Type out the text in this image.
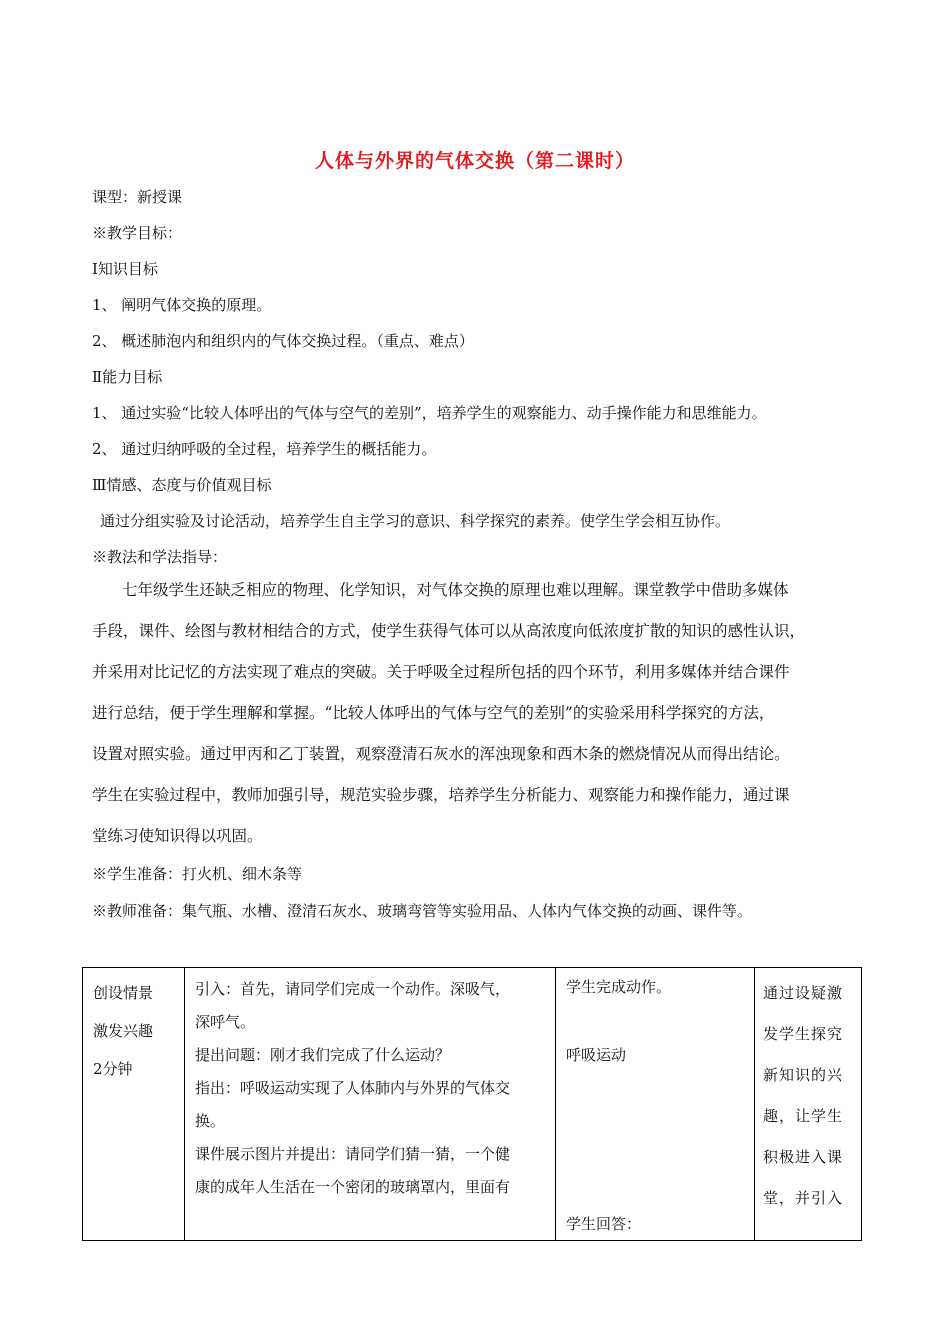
人体与外界的气体交换（第二课时）
课型：新授课
※教学目标：
Ⅰ知识目标
1、 阐明气体交换的原理。
2、 概述肺泡内和组织内的气体交换过程。（重点、难点）
Ⅱ能力目标
1、 通过实验“比较人体呼出的气体与空气的差别”，培养学生的观察能力、动手操作能力和思维能力。
2、 通过归纳呼吸的全过程，培养学生的概括能力。
Ⅲ情感、态度与价值观目标
通过分组实验及讨论活动，培养学生自主学习的意识、科学探究的素养。使学生学会相互协作。
※教法和学法指导：

七年级学生还缺乏相应的物理、化学知识，对气体交换的原理也难以理解。课堂教学中借助多媒体

手段，课件、绘图与教材相结合的方式，使学生获得气体可以从高浓度向低浓度扩散的知识的感性认识，

并采用对比记忆的方法实现了难点的突破。关于呼吸全过程所包括的四个环节，利用多媒体并结合课件

进行总结，便于学生理解和掌握。“比较人体呼出的气体与空气的差别”的实验采用科学探究的方法，

设置对照实验。通过甲丙和乙丁装置，观察澄清石灰水的浑浊现象和西木条的燃烧情况从而得出结论。

学生在实验过程中，教师加强引导，规范实验步骤，培养学生分析能力、观察能力和操作能力，通过课

堂练习使知识得以巩固。

※学生准备：打火机、细木条等
※教师准备：集气瓶、水槽、澄清石灰水、玻璃弯管等实验用品、人体内气体交换的动画、课件等。
创设情景
激发兴趣
2分钟

引入：首先，请同学们完成一个动作。深吸气，
深呼气。
提出问题：刚才我们完成了什么运动？
指出：呼吸运动实现了人体肺内与外界的气体交
换。
课件展示图片并提出：请同学们猜一猜，一个健
康的成年人生活在一个密闭的玻璃罩内，里面有

学生完成动作。
呼吸运动
学生回答：

通过设疑激
发学生探究
新知识的兴
趣，让学生
积极进入课
堂，并引入
